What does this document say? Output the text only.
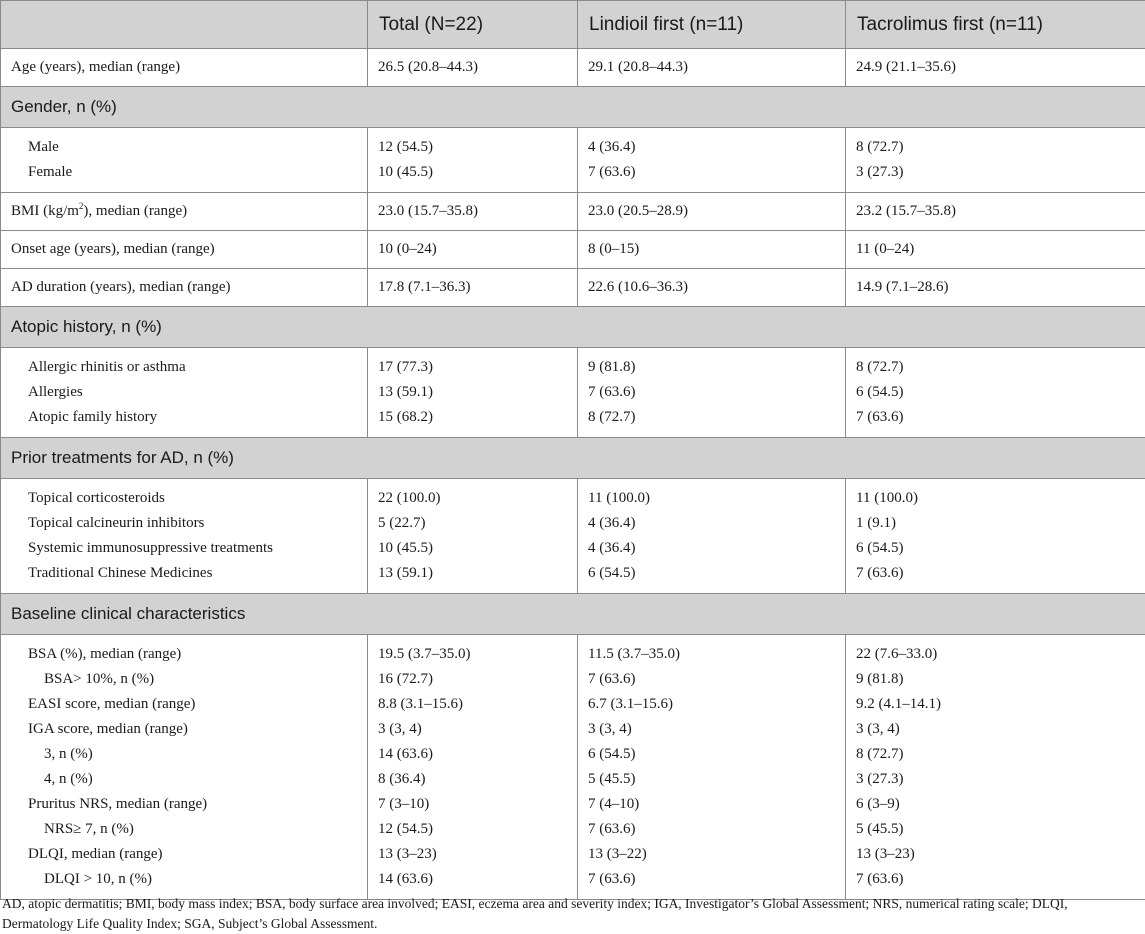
	Total (N=22)	Lindioil first (n=11)	Tacrolimus first (n=11)
Age (years), median (range)	26.5 (20.8–44.3)	29.1 (20.8–44.3)	24.9 (21.1–35.6)
Gender, n (%)			
Male	12 (54.5)	4 (36.4)	8 (72.7)
Female	10 (45.5)	7 (63.6)	3 (27.3)
BMI $(kg/m^2)$, median (range)	23.0 (15.7–35.8)	23.0 (20.5–28.9)	23.2 (15.7–35.8)
Onset age (years), median (range)	10 (0–24)	8 (0–15)	11 (0–24)
AD duration (years), median (range)	17.8 (7.1–36.3)	22.6 (10.6–36.3)	14.9 (7.1–28.6)
Atopic history, n (%)			
Allergic rhinitis or asthma	17 (77.3)	9 (81.8)	8 (72.7)
Allergies	13 (59.1)	7 (63.6)	6 (54.5)
Atopic family history	15 (68.2)	8 (72.7)	7 (63.6)
Prior treatments for AD, n (%)			
Topical corticosteroids	22 (100.0)	11 (100.0)	11 (100.0)
Topical calcineurin inhibitors	5 (22.7)	4 (36.4)	1 (9.1)
Systemic immunosuppressive treatments	10 (45.5)	4 (36.4)	6 (54.5)
Traditional Chinese Medicines	13 (59.1)	6 (54.5)	7 (63.6)
Baseline clinical characteristics			
BSA (%), median (range)	19.5 (3.7–35.0)	11.5 (3.7–35.0)	22 (7.6–33.0)
BSA> 10%, n (%)	16 (72.7)	7 (63.6)	9 (81.8)
EASI score, median (range)	8.8 (3.1–15.6)	6.7 (3.1–15.6)	9.2 (4.1–14.1)
IGA score, median (range)	3 (3, 4)	3 (3, 4)	3 (3, 4)
3, n (%)	14 (63.6)	6 (54.5)	8 (72.7)
4, n (%)	8 (36.4)	5 (45.5)	3 (27.3)
Pruritus NRS, median (range)	7 (3–10)	7 (4–10)	6 (3–9)
NRS≥ 7, n (%)	12 (54.5)	7 (63.6)	5 (45.5)
DLQI, median (range)	13 (3–23)	13 (3–22)	13 (3–23)
DLQI > 10, n (%)	14 (63.6)	7 (63.6)	7 (63.6)
AD, atopic dermatitis; BMI, body mass index; BSA, body surface area involved; EASI, eczema area and severity index; IGA, Investigator’s Global Assessment; NRS, numerical rating scale; DLQI, Dermatology Life Quality Index; SGA, Subject’s Global Assessment.
